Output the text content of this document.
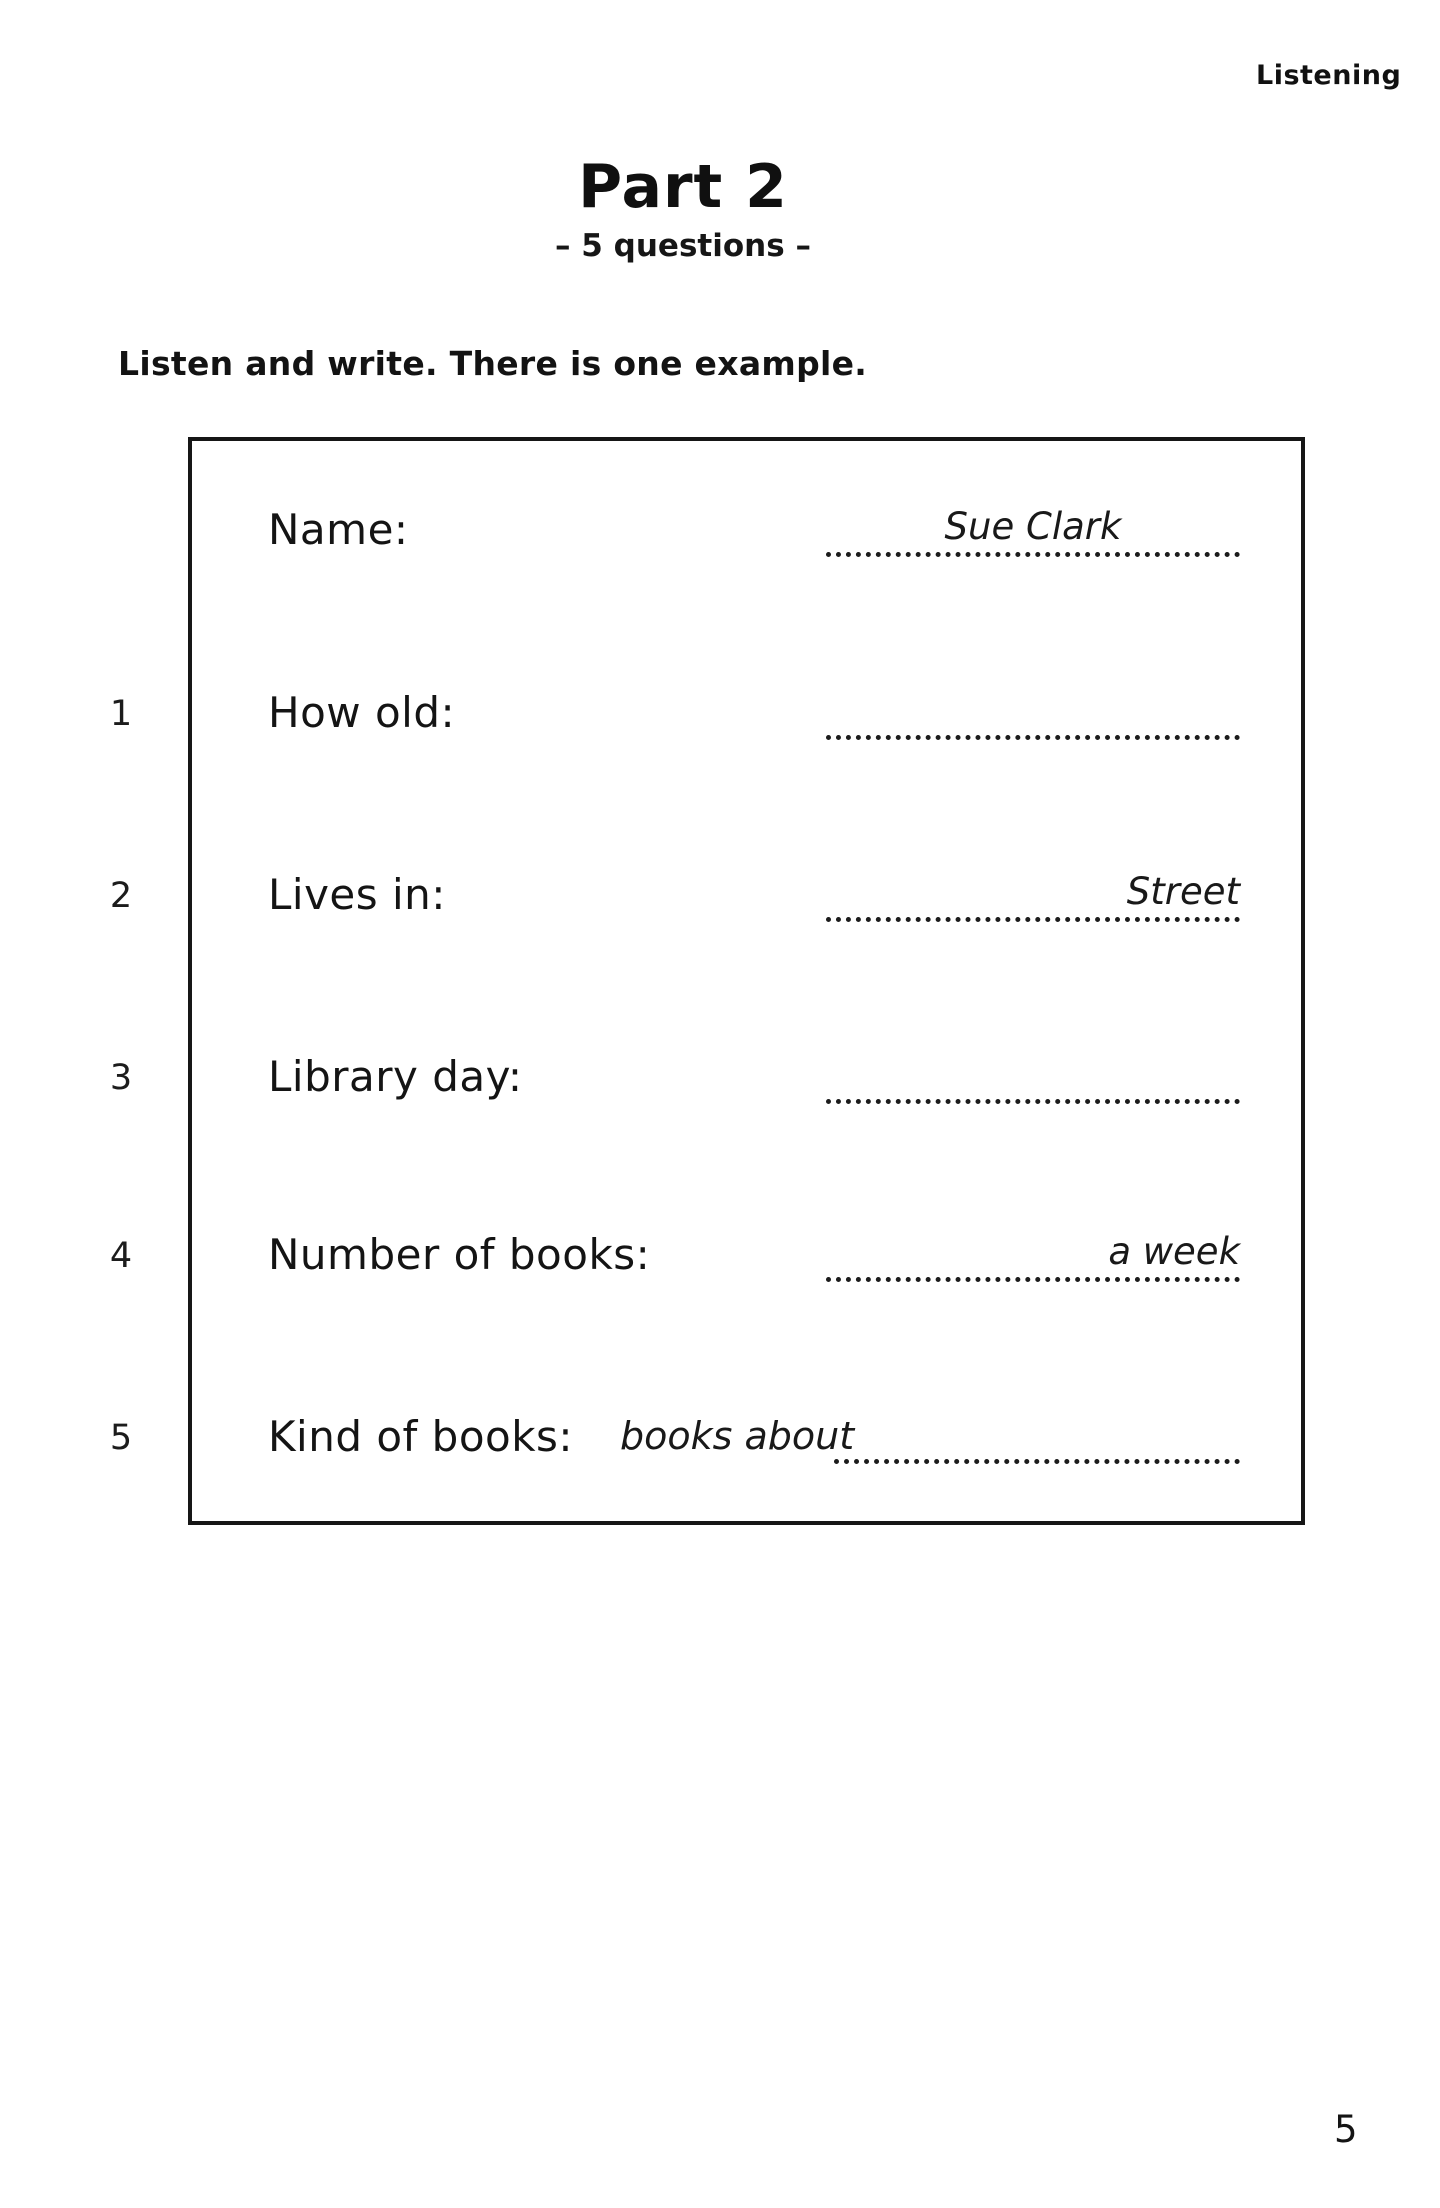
Listening
Part 2
– 5 questions –
Listen and write. There is one example.
Name:	Sue Clark
1	How old:
2	Lives in:	Street
3	Library day:
4	Number of books:	a week
5	Kind of books: books about
5
